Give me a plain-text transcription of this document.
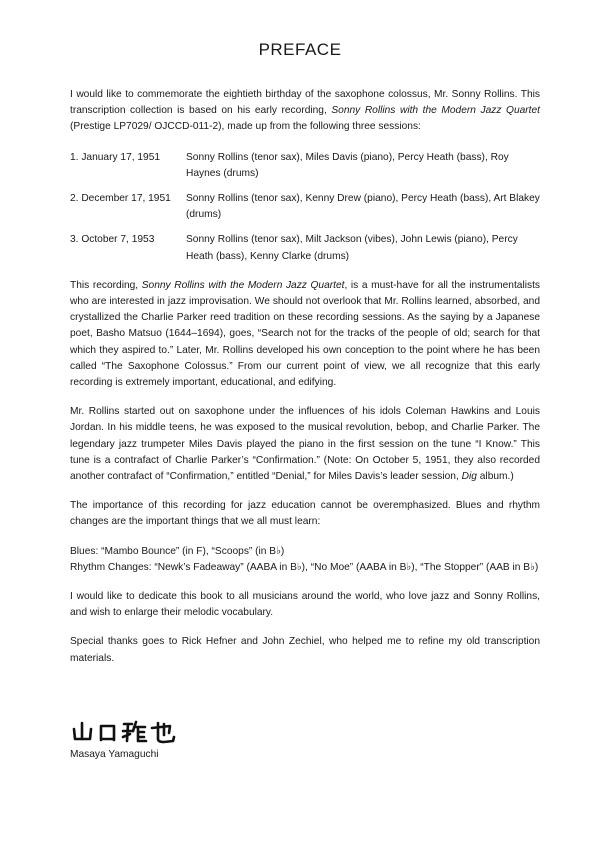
PREFACE

I would like to commemorate the eightieth birthday of the saxophone colossus, Mr. Sonny Rollins. This transcription collection is based on his early recording, Sonny Rollins with the Modern Jazz Quartet (Prestige LP7029/ OJCCD-011-2), made up from the following three sessions:

1. January 17, 1951	Sonny Rollins (tenor sax), Miles Davis (piano), Percy Heath (bass), Roy Haynes (drums)
2. December 17, 1951	Sonny Rollins (tenor sax), Kenny Drew (piano), Percy Heath (bass), Art Blakey (drums)
3. October 7, 1953	Sonny Rollins (tenor sax), Milt Jackson (vibes), John Lewis (piano), Percy Heath (bass), Kenny Clarke (drums)

This recording, Sonny Rollins with the Modern Jazz Quartet, is a must-have for all the instrumentalists who are interested in jazz improvisation. We should not overlook that Mr. Rollins learned, absorbed, and crystallized the Charlie Parker reed tradition on these recording sessions. As the saying by a Japanese poet, Basho Matsuo (1644–1694), goes, “Search not for the tracks of the people of old; search for that which they aspired to.” Later, Mr. Rollins developed his own conception to the point where he has been called “The Saxophone Colossus.” From our current point of view, we all recognize that this early recording is extremely important, educational, and edifying.

Mr. Rollins started out on saxophone under the influences of his idols Coleman Hawkins and Louis Jordan. In his middle teens, he was exposed to the musical revolution, bebop, and Charlie Parker. The legendary jazz trumpeter Miles Davis played the piano in the first session on the tune “I Know.” This tune is a contrafact of Charlie Parker’s “Confirmation.” (Note: On October 5, 1951, they also recorded another contrafact of “Confirmation,” entitled “Denial,” for Miles Davis’s leader session, Dig album.)

The importance of this recording for jazz education cannot be overemphasized. Blues and rhythm changes are the important things that we all must learn:

Blues: “Mambo Bounce” (in F), “Scoops” (in B♭)

Rhythm Changes: “Newk’s Fadeaway” (AABA in B♭), “No Moe” (AABA in B♭), “The Stopper” (AAB in B♭)

I would like to dedicate this book to all musicians around the world, who love jazz and Sonny Rollins, and wish to enlarge their melodic vocabulary.

Special thanks goes to Rick Hefner and John Zechiel, who helped me to refine my old transcription materials.

Masaya Yamaguchi
